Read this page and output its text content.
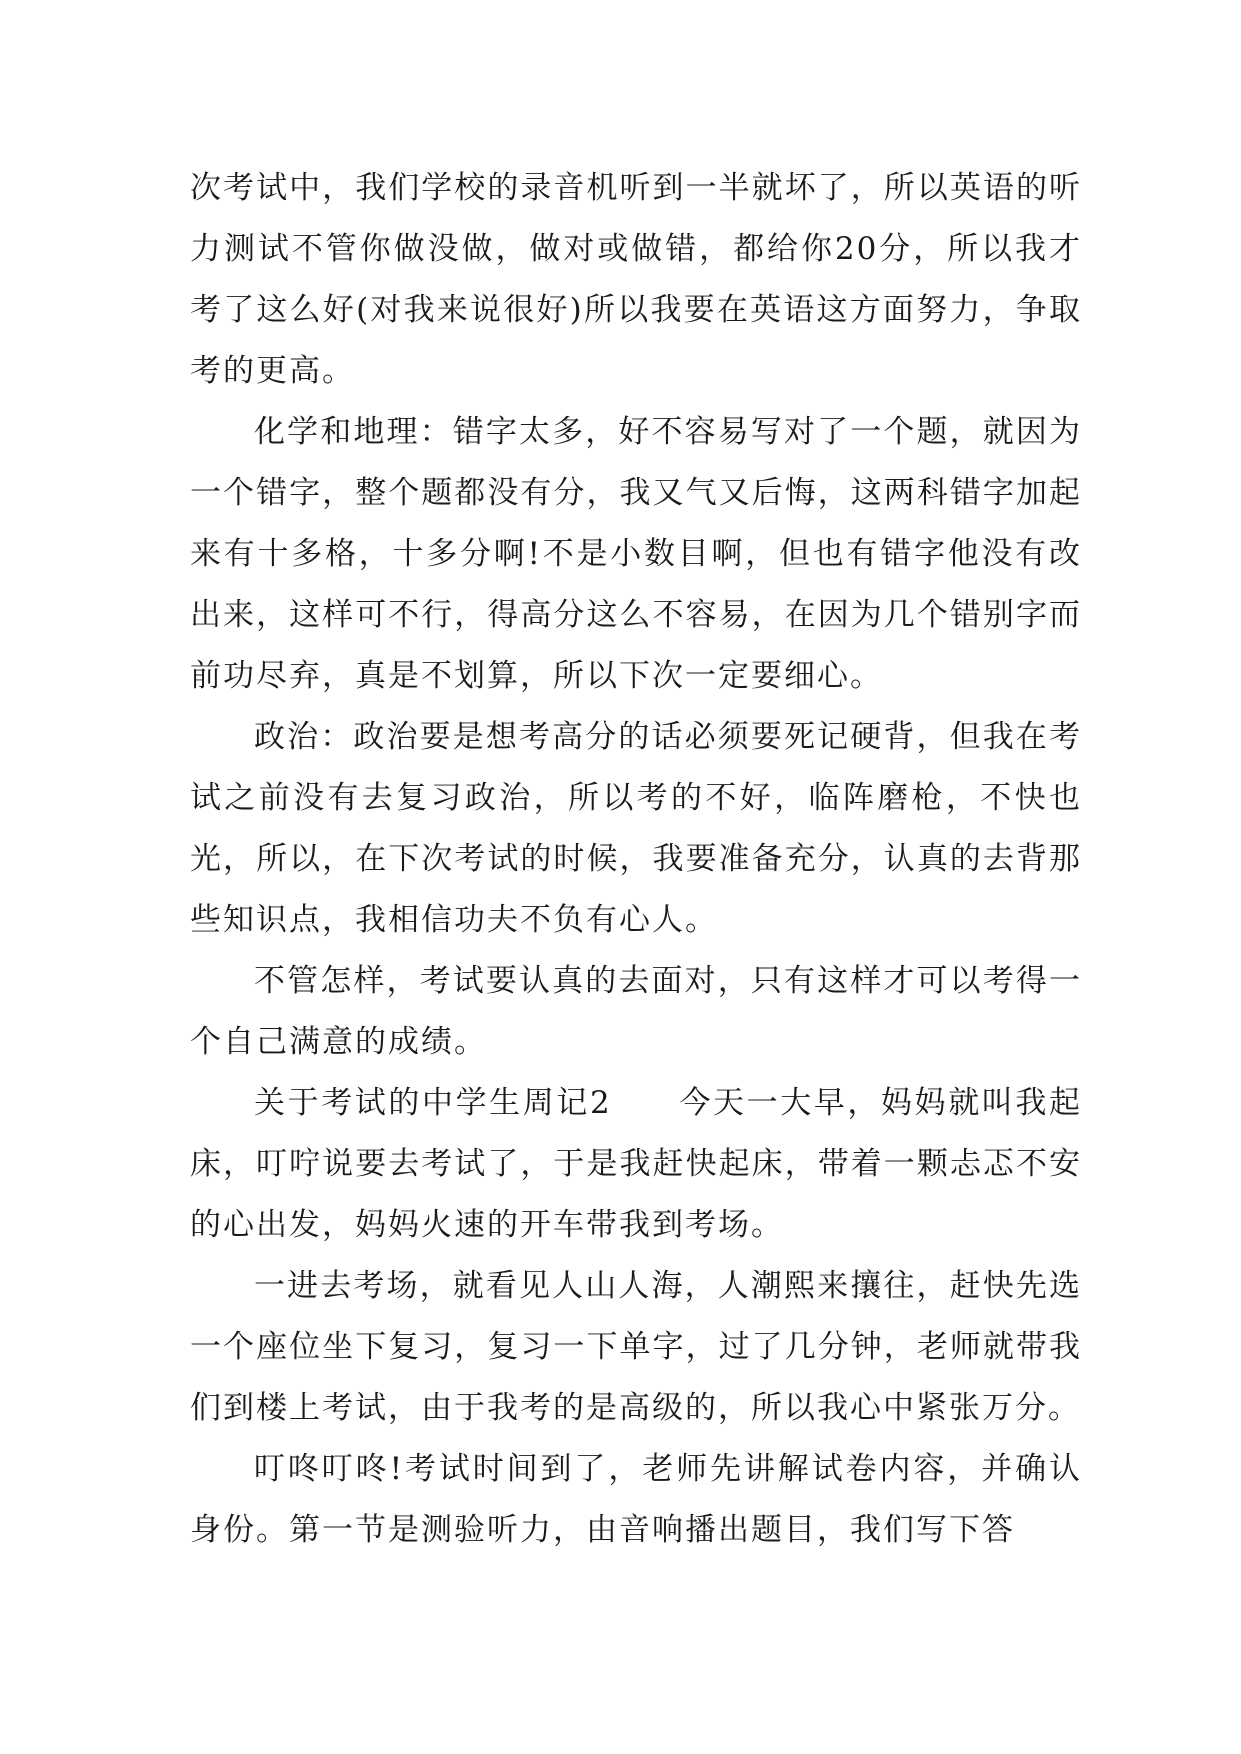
次考试中，我们学校的录音机听到一半就坏了，所以英语的听力测试不管你做没做，做对或做错，都给你20分，所以我才考了这么好(对我来说很好)所以我要在英语这方面努力，争取考的更高。

化学和地理：错字太多，好不容易写对了一个题，就因为一个错字，整个题都没有分，我又气又后悔，这两科错字加起来有十多格，十多分啊!不是小数目啊，但也有错字他没有改出来，这样可不行，得高分这么不容易，在因为几个错别字而前功尽弃，真是不划算，所以下次一定要细心。

政治：政治要是想考高分的话必须要死记硬背，但我在考试之前没有去复习政治，所以考的不好，临阵磨枪，不快也光，所以，在下次考试的时候，我要准备充分，认真的去背那些知识点，我相信功夫不负有心人。

不管怎样，考试要认真的去面对，只有这样才可以考得一个自己满意的成绩。

关于考试的中学生周记2　　今天一大早，妈妈就叫我起床，叮咛说要去考试了，于是我赶快起床，带着一颗忐忑不安的心出发，妈妈火速的开车带我到考场。

一进去考场，就看见人山人海，人潮熙来攘往，赶快先选一个座位坐下复习，复习一下单字，过了几分钟，老师就带我们到楼上考试，由于我考的是高级的，所以我心中紧张万分。

叮咚叮咚!考试时间到了，老师先讲解试卷内容，并确认身份。第一节是测验听力，由音响播出题目，我们写下答
